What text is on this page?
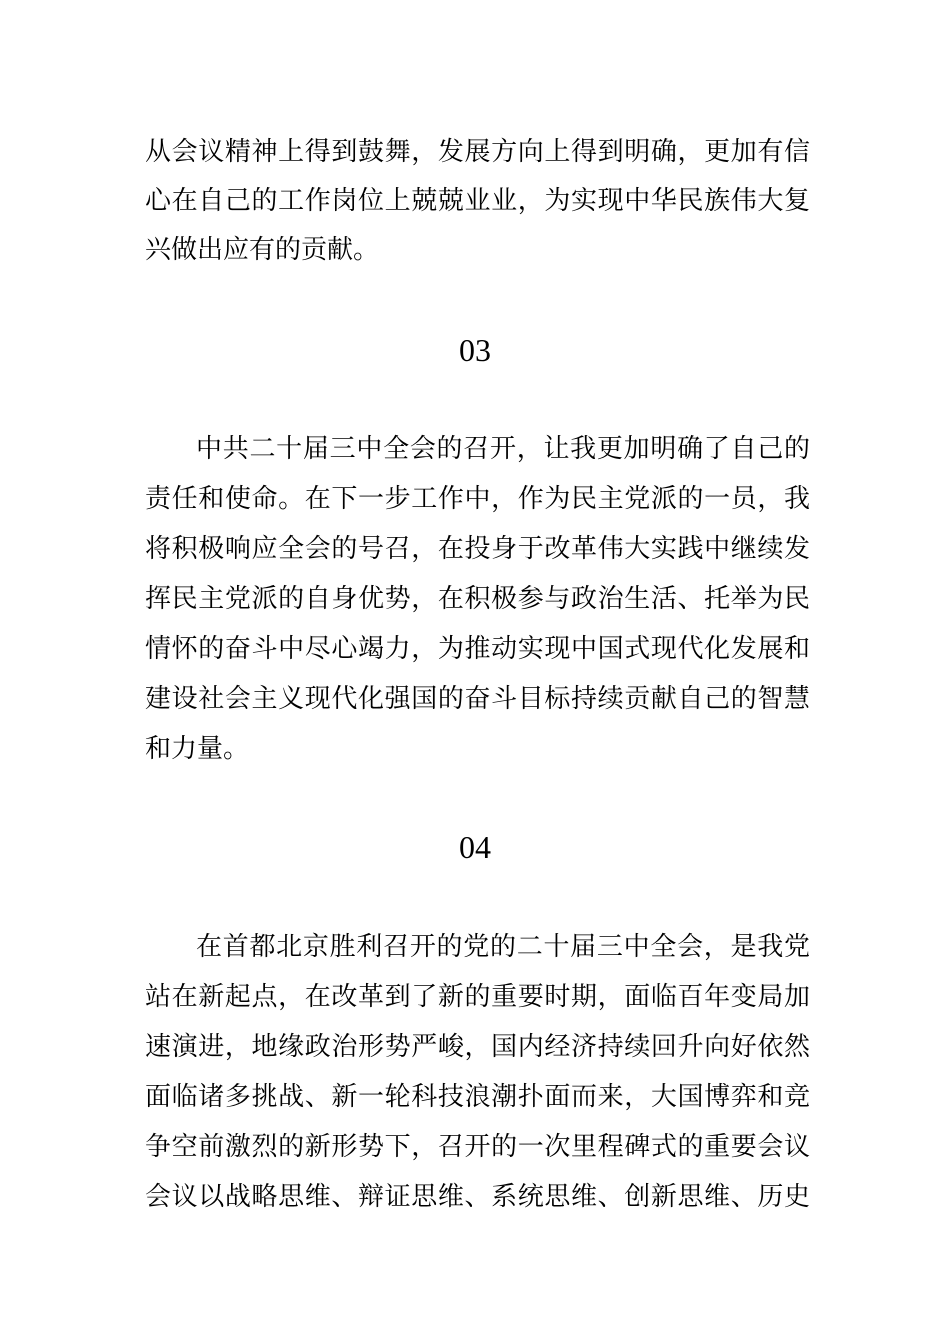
从会议精神上得到鼓舞，发展方向上得到明确，更加有信
心在自己的工作岗位上兢兢业业，为实现中华民族伟大复
兴做出应有的贡献。
03
中共二十届三中全会的召开，让我更加明确了自己的
责任和使命。在下一步工作中，作为民主党派的一员，我
将积极响应全会的号召，在投身于改革伟大实践中继续发
挥民主党派的自身优势，在积极参与政治生活、托举为民
情怀的奋斗中尽心竭力，为推动实现中国式现代化发展和
建设社会主义现代化强国的奋斗目标持续贡献自己的智慧
和力量。
04
在首都北京胜利召开的党的二十届三中全会，是我党
站在新起点，在改革到了新的重要时期，面临百年变局加
速演进，地缘政治形势严峻，国内经济持续回升向好依然
面临诸多挑战、新一轮科技浪潮扑面而来，大国博弈和竞
争空前激烈的新形势下，召开的一次里程碑式的重要会议
会议以战略思维、辩证思维、系统思维、创新思维、历史
